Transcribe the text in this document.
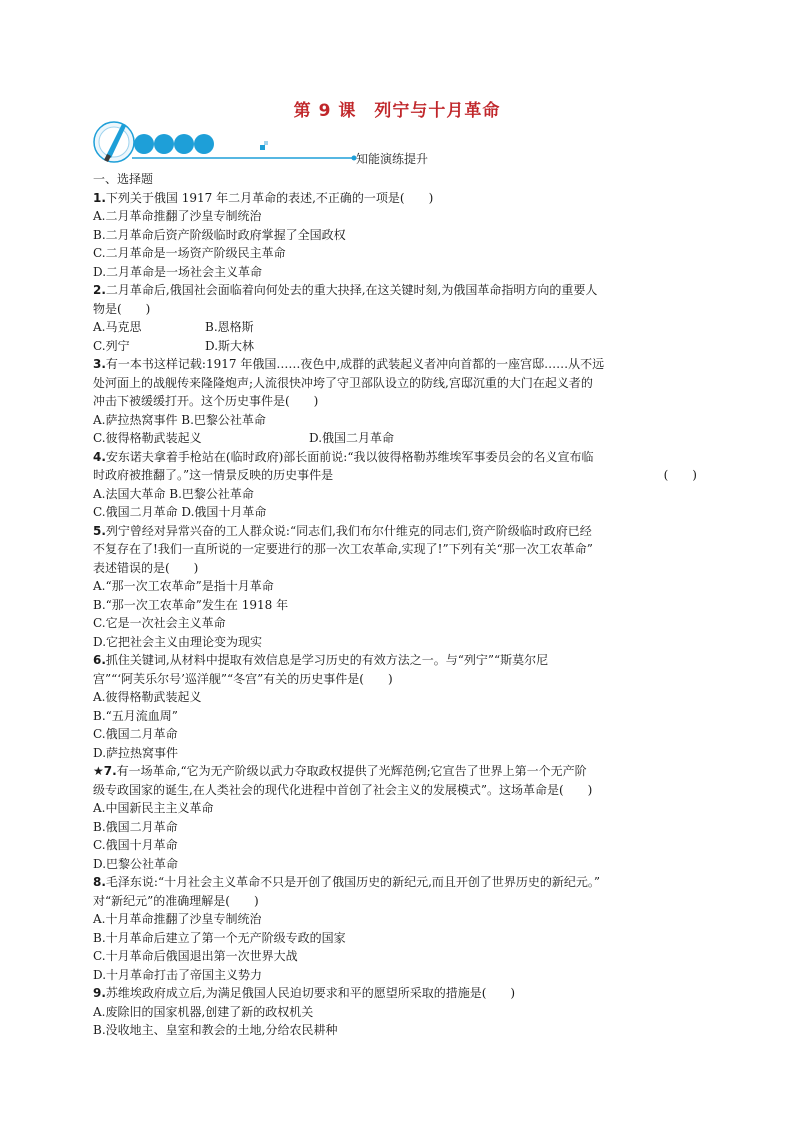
第 9 课　列宁与十月革命
知能演练提升

一、选择题

1.下列关于俄国 1917 年二月革命的表述,不正确的一项是(　　)

A.二月革命推翻了沙皇专制统治

B.二月革命后资产阶级临时政府掌握了全国政权

C.二月革命是一场资产阶级民主革命

D.二月革命是一场社会主义革命

2.二月革命后,俄国社会面临着向何处去的重大抉择,在这关键时刻,为俄国革命指明方向的重要人

物是(　　)

A.马克思	B.恩格斯

C.列宁	D.斯大林

3.有一本书这样记载:1917 年俄国……夜色中,成群的武装起义者冲向首都的一座宫邸……从不远

处河面上的战舰传来隆隆炮声;人流很快冲垮了守卫部队设立的防线,宫邸沉重的大门在起义者的

冲击下被缓缓打开。这个历史事件是(　　)

A.萨拉热窝事件 B.巴黎公社革命

C.彼得格勒武装起义	D.俄国二月革命

4.安东诺夫拿着手枪站在(临时政府)部长面前说:“我以彼得格勒苏维埃军事委员会的名义宣布临

时政府被推翻了。”这一情景反映的历史事件是	(　　)

A.法国大革命 B.巴黎公社革命

C.俄国二月革命 D.俄国十月革命

5.列宁曾经对异常兴奋的工人群众说:“同志们,我们布尔什维克的同志们,资产阶级临时政府已经

不复存在了!我们一直所说的一定要进行的那一次工农革命,实现了!”下列有关“那一次工农革命”

表述错误的是(　　)

A.“那一次工农革命”是指十月革命

B.“那一次工农革命”发生在 1918 年

C.它是一次社会主义革命

D.它把社会主义由理论变为现实

6.抓住关键词,从材料中提取有效信息是学习历史的有效方法之一。与“列宁”“斯莫尔尼

宫”“‘阿芙乐尔号’巡洋舰”“冬宫”有关的历史事件是(　　)

A.彼得格勒武装起义

B.“五月流血周”

C.俄国二月革命

D.萨拉热窝事件

★7.有一场革命,“它为无产阶级以武力夺取政权提供了光辉范例;它宣告了世界上第一个无产阶

级专政国家的诞生,在人类社会的现代化进程中首创了社会主义的发展模式”。这场革命是(　　)

A.中国新民主主义革命

B.俄国二月革命

C.俄国十月革命

D.巴黎公社革命

8.毛泽东说:“十月社会主义革命不只是开创了俄国历史的新纪元,而且开创了世界历史的新纪元。”

对“新纪元”的准确理解是(　　)

A.十月革命推翻了沙皇专制统治

B.十月革命后建立了第一个无产阶级专政的国家

C.十月革命后俄国退出第一次世界大战

D.十月革命打击了帝国主义势力

9.苏维埃政府成立后,为满足俄国人民迫切要求和平的愿望所采取的措施是(　　)

A.废除旧的国家机器,创建了新的政权机关

B.没收地主、皇室和教会的土地,分给农民耕种
